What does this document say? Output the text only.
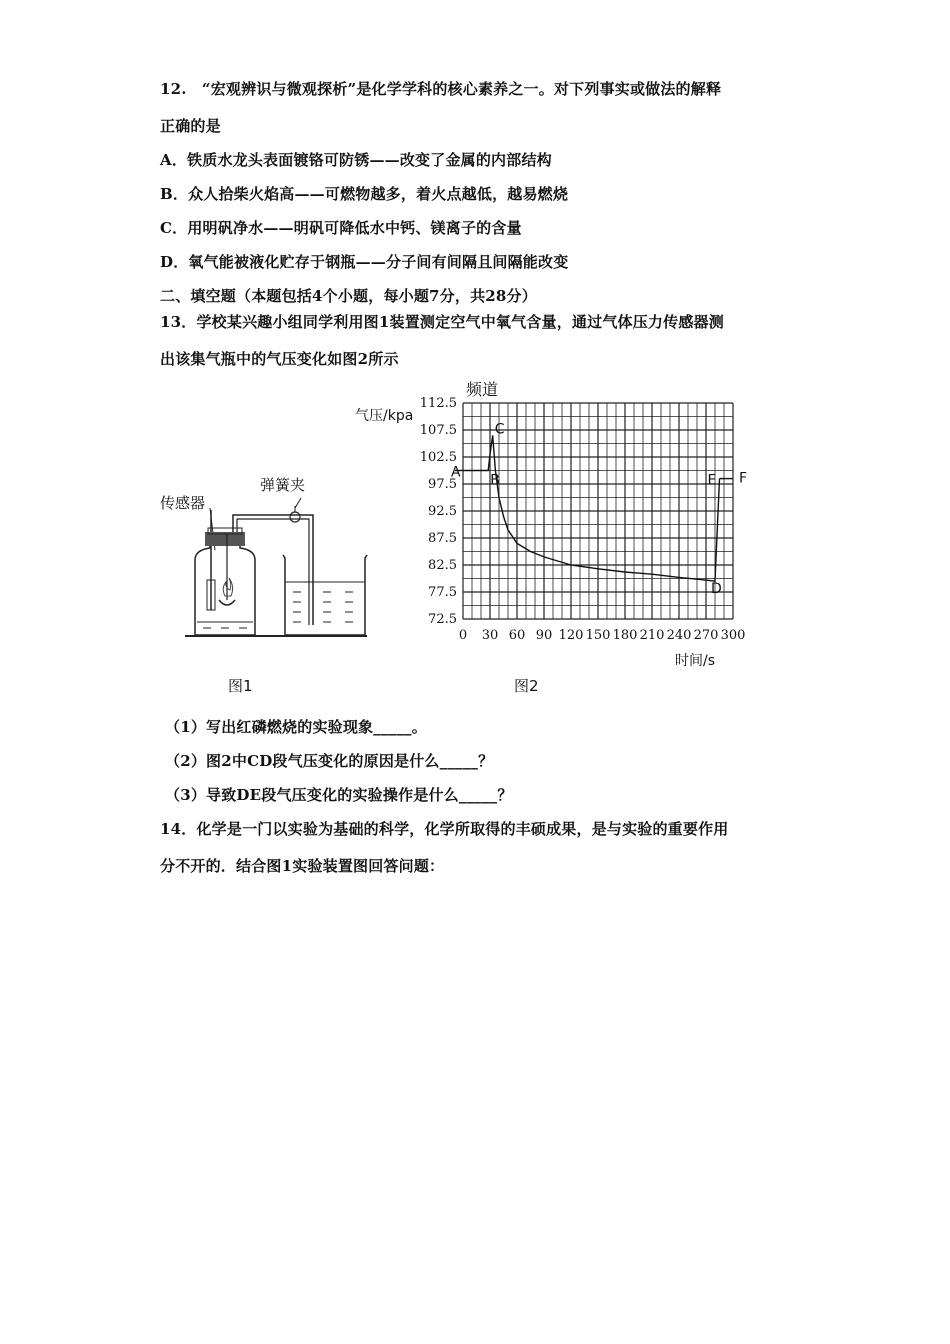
12.　“宏观辨识与微观探析”是化学学科的核心素养之一。对下列事实或做法的解释
正确的是
A．铁质水龙头表面镀铬可防锈——改变了金属的内部结构
B．众人拾柴火焰高——可燃物越多，着火点越低，越易燃烧
C．用明矾净水——明矾可降低水中钙、镁离子的含量
D．氧气能被液化贮存于钢瓶——分子间有间隔且间隔能改变
二、填空题（本题包括4个小题，每小题7分，共28分）
13．学校某兴趣小组同学利用图1装置测定空气中氧气含量，通过气体压力传感器测
出该集气瓶中的气压变化如图2所示
传感器
弹簧夹
图1
112.5
107.5
102.5
97.5
92.5
87.5
82.5
77.5
72.5
0 30 60 90 120 150 180 210 240 270 300
频道
气压/kpa
时间/s
A B
C
D
E F
图2
（1）写出红磷燃烧的实验现象_____。
（2）图2中CD段气压变化的原因是什么_____？
（3）导致DE段气压变化的实验操作是什么_____？
14．化学是一门以实验为基础的科学，化学所取得的丰硕成果，是与实验的重要作用
分不开的．结合图1实验装置图回答问题：
